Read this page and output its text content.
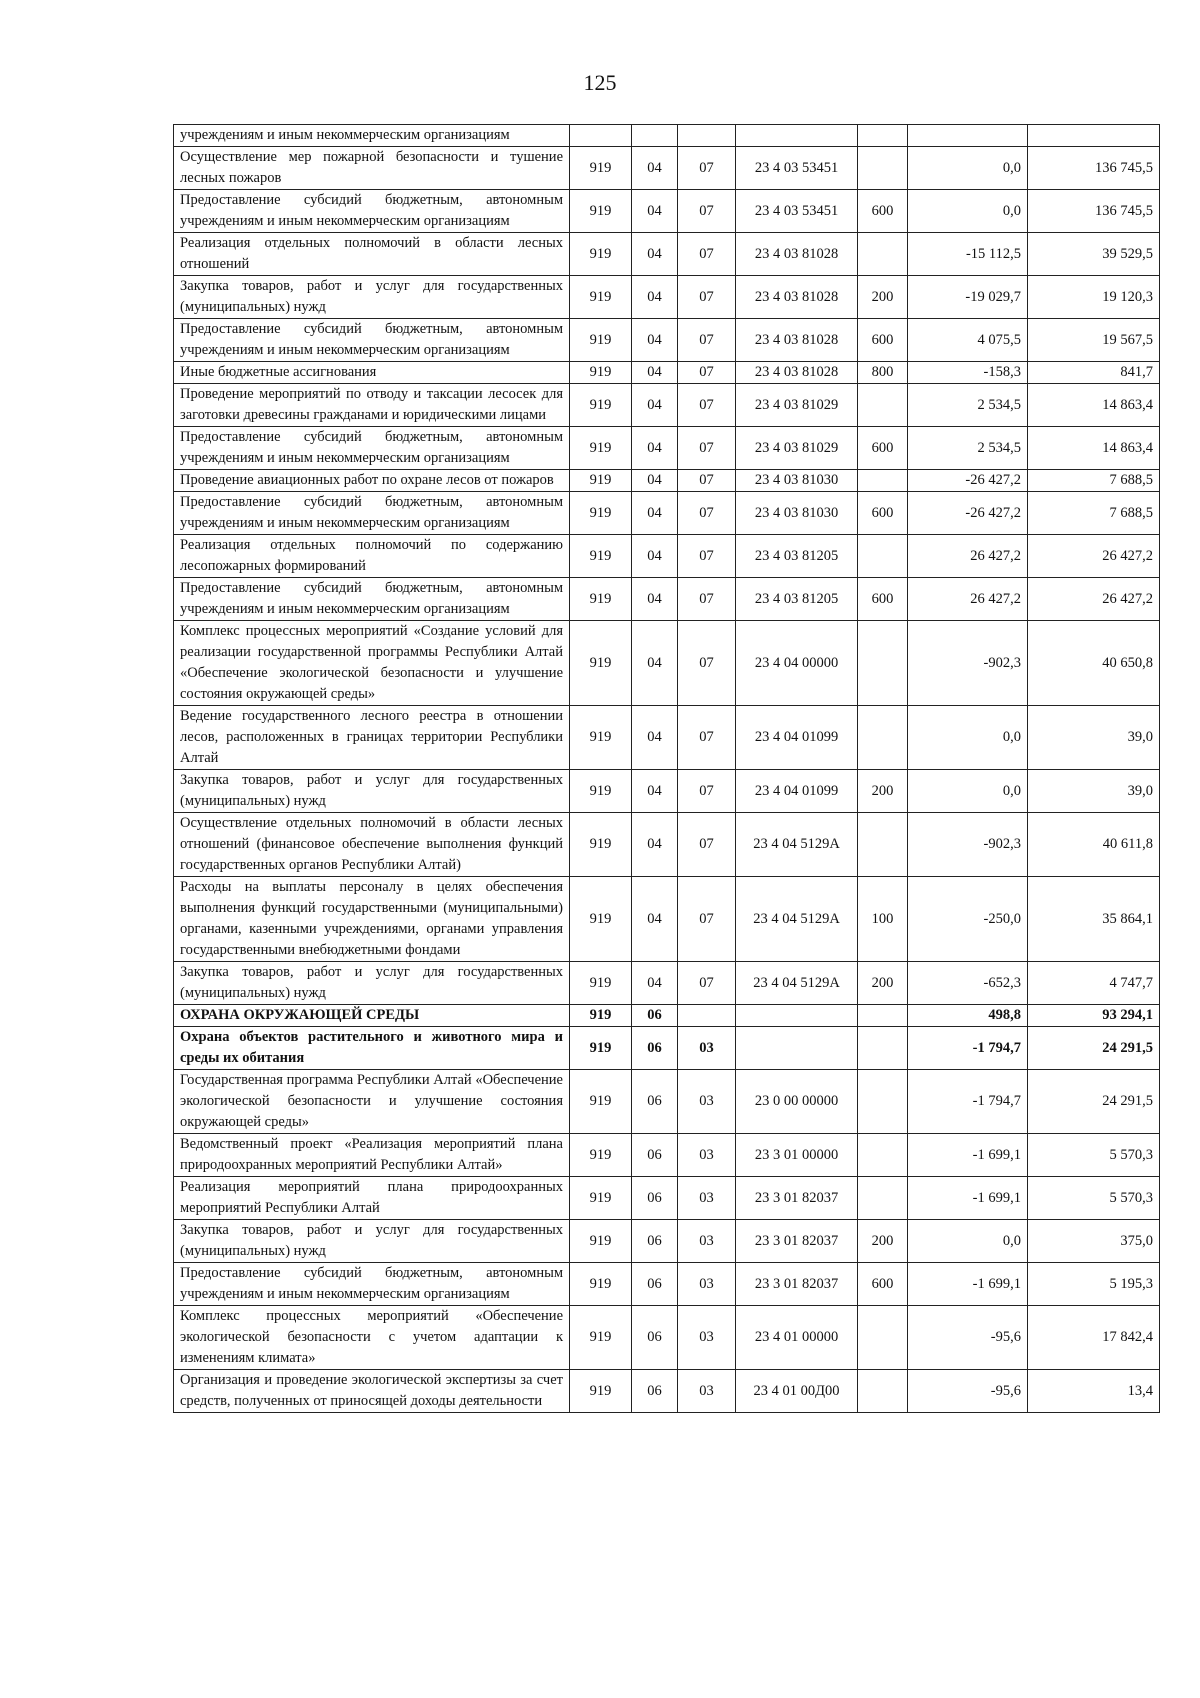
125
учреждениям и иным некоммерческим организациям							
Осуществление мер пожарной безопасности и тушение лесных пожаров	919	04	07	23 4 03 53451		0,0	136 745,5
Предоставление субсидий бюджетным, автономным учреждениям и иным некоммерческим организациям	919	04	07	23 4 03 53451	600	0,0	136 745,5
Реализация отдельных полномочий в области лесных отношений	919	04	07	23 4 03 81028		-15 112,5	39 529,5
Закупка товаров, работ и услуг для государственных (муниципальных) нужд	919	04	07	23 4 03 81028	200	-19 029,7	19 120,3
Предоставление субсидий бюджетным, автономным учреждениям и иным некоммерческим организациям	919	04	07	23 4 03 81028	600	4 075,5	19 567,5
Иные бюджетные ассигнования	919	04	07	23 4 03 81028	800	-158,3	841,7
Проведение мероприятий по отводу и таксации лесосек для заготовки древесины гражданами и юридическими лицами	919	04	07	23 4 03 81029		2 534,5	14 863,4
Предоставление субсидий бюджетным, автономным учреждениям и иным некоммерческим организациям	919	04	07	23 4 03 81029	600	2 534,5	14 863,4
Проведение авиационных работ по охране лесов от пожаров	919	04	07	23 4 03 81030		-26 427,2	7 688,5
Предоставление субсидий бюджетным, автономным учреждениям и иным некоммерческим организациям	919	04	07	23 4 03 81030	600	-26 427,2	7 688,5
Реализация отдельных полномочий по содержанию лесопожарных формирований	919	04	07	23 4 03 81205		26 427,2	26 427,2
Предоставление субсидий бюджетным, автономным учреждениям и иным некоммерческим организациям	919	04	07	23 4 03 81205	600	26 427,2	26 427,2
Комплекс процессных мероприятий «Создание условий для реализации государственной программы Республики Алтай «Обеспечение экологической безопасности и улучшение состояния окружающей среды»	919	04	07	23 4 04 00000		-902,3	40 650,8
Ведение государственного лесного реестра в отношении лесов, расположенных в границах территории Республики Алтай	919	04	07	23 4 04 01099		0,0	39,0
Закупка товаров, работ и услуг для государственных (муниципальных) нужд	919	04	07	23 4 04 01099	200	0,0	39,0
Осуществление отдельных полномочий в области лесных отношений (финансовое обеспечение выполнения функций государственных органов Республики Алтай)	919	04	07	23 4 04 5129А		-902,3	40 611,8
Расходы на выплаты персоналу в целях обеспечения выполнения функций государственными (муниципальными) органами, казенными учреждениями, органами управления государственными внебюджетными фондами	919	04	07	23 4 04 5129А	100	-250,0	35 864,1
Закупка товаров, работ и услуг для государственных (муниципальных) нужд	919	04	07	23 4 04 5129А	200	-652,3	4 747,7
ОХРАНА ОКРУЖАЮЩЕЙ СРЕДЫ	919	06				498,8	93 294,1
Охрана объектов растительного и животного мира и среды их обитания	919	06	03			-1 794,7	24 291,5
Государственная программа Республики Алтай «Обеспечение экологической безопасности и улучшение состояния окружающей среды»	919	06	03	23 0 00 00000		-1 794,7	24 291,5
Ведомственный проект «Реализация мероприятий плана природоохранных мероприятий Республики Алтай»	919	06	03	23 3 01 00000		-1 699,1	5 570,3
Реализация мероприятий плана природоохранных мероприятий Республики Алтай	919	06	03	23 3 01 82037		-1 699,1	5 570,3
Закупка товаров, работ и услуг для государственных (муниципальных) нужд	919	06	03	23 3 01 82037	200	0,0	375,0
Предоставление субсидий бюджетным, автономным учреждениям и иным некоммерческим организациям	919	06	03	23 3 01 82037	600	-1 699,1	5 195,3
Комплекс процессных мероприятий «Обеспечение экологической безопасности с учетом адаптации к изменениям климата»	919	06	03	23 4 01 00000		-95,6	17 842,4
Организация и проведение экологической экспертизы за счет средств, полученных от приносящей доходы деятельности	919	06	03	23 4 01 00Д00		-95,6	13,4
